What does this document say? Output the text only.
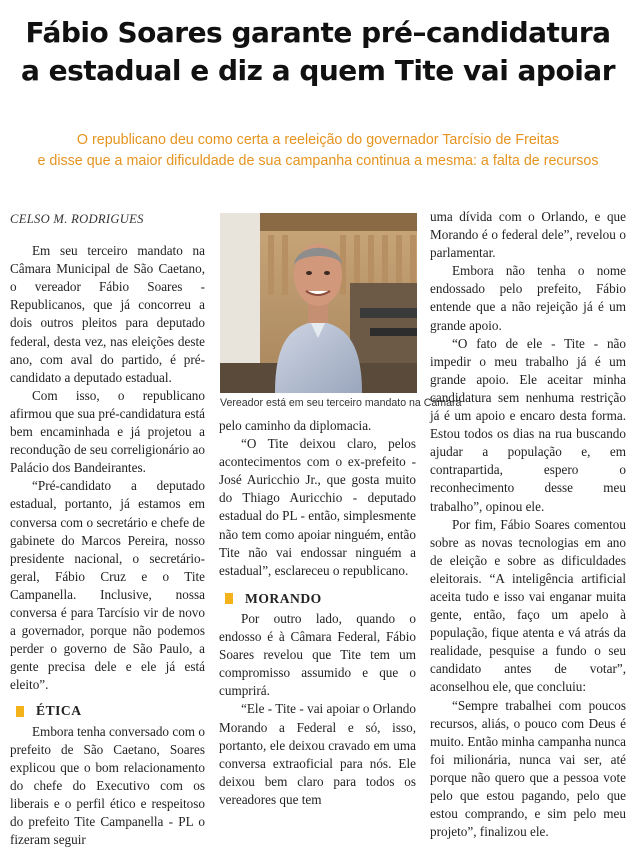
Fábio Soares garante pré–candidatura
a estadual e diz a quem Tite vai apoiar
O republicano deu como certa a reeleição do governador Tarcísio de Freitas
e disse que a maior dificuldade de sua campanha continua a mesma: a falta de recursos
CELSO M. RODRIGUES

Em seu terceiro mandato na Câmara Municipal de São Caetano, o vereador Fábio Soares - Republicanos, que já concorreu a dois outros pleitos para deputado federal, desta vez, nas eleições deste ano, com aval do partido, é pré-candidato a deputado estadual.

Com isso, o republicano afirmou que sua pré-candidatura está bem encaminhada e já projetou a recondução de seu correligionário ao Palácio dos Bandeirantes.

“Pré-candidato a deputado estadual, portanto, já estamos em conversa com o secretário e chefe de gabinete do Marcos Pereira, nosso presidente nacional, o secretário-geral, Fábio Cruz e o Tite Campanella. Inclusive, nossa conversa é para Tarcísio vir de novo a governador, porque não podemos perder o governo de São Paulo, a gente precisa dele e ele já está eleito”.

ÉTICA

Embora tenha conversado com o prefeito de São Caetano, Soares explicou que o bom relacionamento do chefe do Executivo com os liberais e o perfil ético e respeitoso do prefeito Tite Campanella - PL o fizeram seguir

Vereador está em seu terceiro mandato na Câmara

pelo caminho da diplomacia.

“O Tite deixou claro, pelos acontecimentos com o ex-prefeito - José Auricchio Jr., que gosta muito do Thiago Auricchio - deputado estadual do PL - então, simplesmente não tem como apoiar ninguém, então Tite não vai endossar ninguém a estadual”, esclareceu o republicano.

MORANDO

Por outro lado, quando o endosso é à Câmara Federal, Fábio Soares revelou que Tite tem um compromisso assumido e que o cumprirá.

“Ele - Tite - vai apoiar o Orlando Morando a Federal e só, isso, portanto, ele deixou cravado em uma conversa extraoficial para nós. Ele deixou bem claro para todos os vereadores que tem

uma dívida com o Orlando, e que Morando é o federal dele”, revelou o parlamentar.

Embora não tenha o nome endossado pelo prefeito, Fábio entende que a não rejeição já é um grande apoio.

“O fato de ele - Tite - não impedir o meu trabalho já é um grande apoio. Ele aceitar minha candidatura sem nenhuma restrição já é um apoio e encaro desta forma. Estou todos os dias na rua buscando ajudar a população e, em contrapartida, espero o reconhecimento desse meu trabalho”, opinou ele.

Por fim, Fábio Soares comentou sobre as novas tecnologias em ano de eleição e sobre as dificuldades eleitorais. “A inteligência artificial aceita tudo e isso vai enganar muita gente, então, faço um apelo à população, fique atenta e vá atrás da realidade, pesquise a fundo o seu candidato antes de votar”, aconselhou ele, que concluiu:

“Sempre trabalhei com poucos recursos, aliás, o pouco com Deus é muito. Então minha campanha nunca foi milionária, nunca vai ser, até porque não quero que a pessoa vote pelo que estou pagando, pelo que estou comprando, e sim pelo meu projeto”, finalizou ele.
